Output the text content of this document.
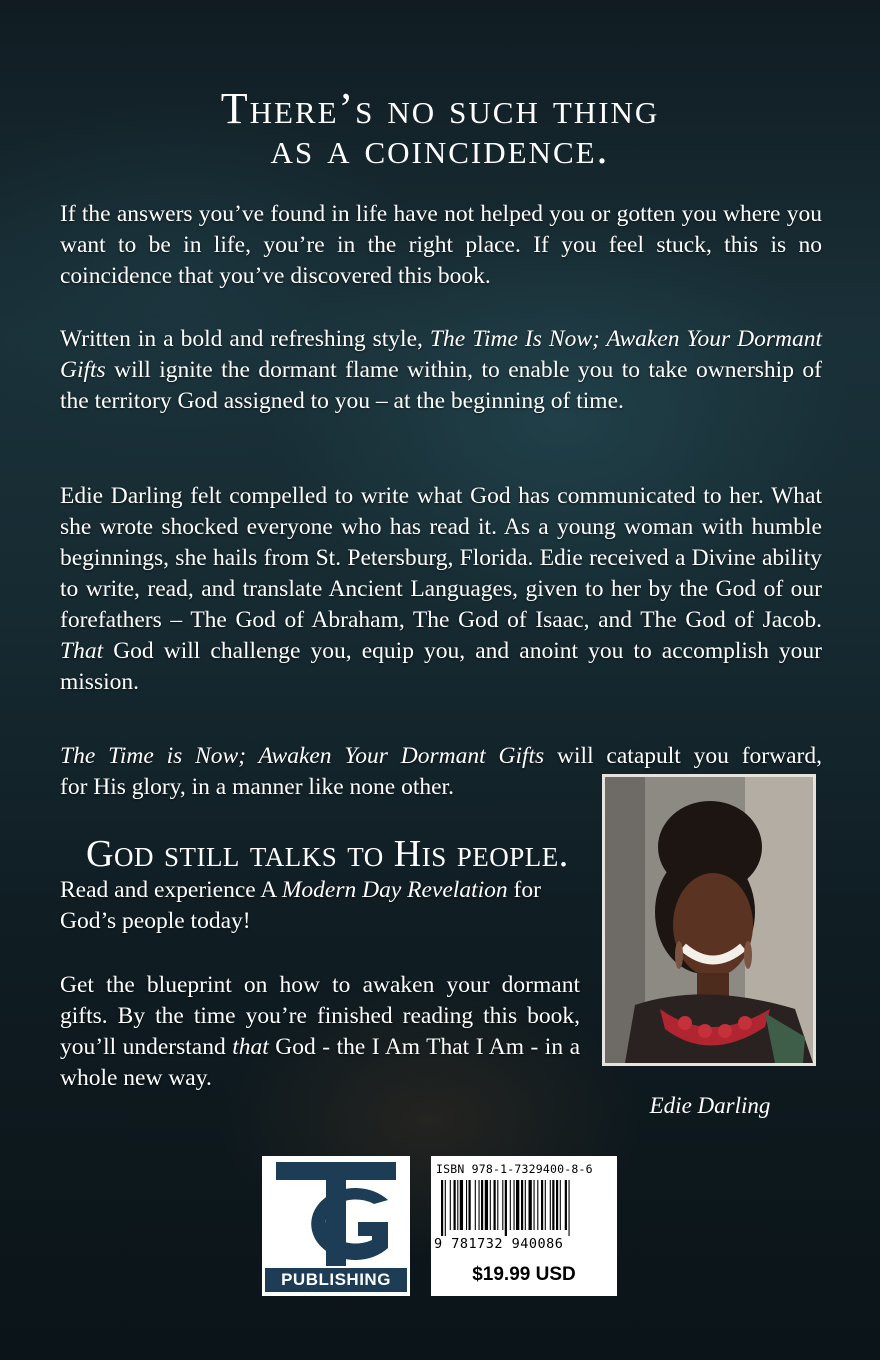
There’s no such thing
as a coincidence.

If the answers you’ve found in life have not helped you or gotten you where you want to be in life, you’re in the right place. If you feel stuck, this is no coincidence that you’ve discovered this book.

Written in a bold and refreshing style, The Time Is Now; Awaken Your Dormant Gifts will ignite the dormant flame within, to enable you to take ownership of the territory God assigned to you – at the beginning of time.

Edie Darling felt compelled to write what God has communicated to her. What she wrote shocked everyone who has read it. As a young woman with humble beginnings, she hails from St. Petersburg, Florida. Edie received a Divine ability to write, read, and translate Ancient Languages, given to her by the God of our forefathers – The God of Abraham, The God of Isaac, and The God of Jacob. That God will challenge you, equip you, and anoint you to accomplish your mission.

The Time is Now; Awaken Your Dormant Gifts will catapult you forward,
for His glory, in a manner like none other.

God still talks to His people.

Read and experience A Modern Day Revelation for God’s people today!

Get the blueprint on how to awaken your dormant gifts. By the time you’re finished reading this book, you’ll understand that God - the I Am That I Am - in a whole new way.

Edie Darling
PUBLISHING
ISBN 978-1-7329400-8-6
9 781732 940086
$19.99 USD
